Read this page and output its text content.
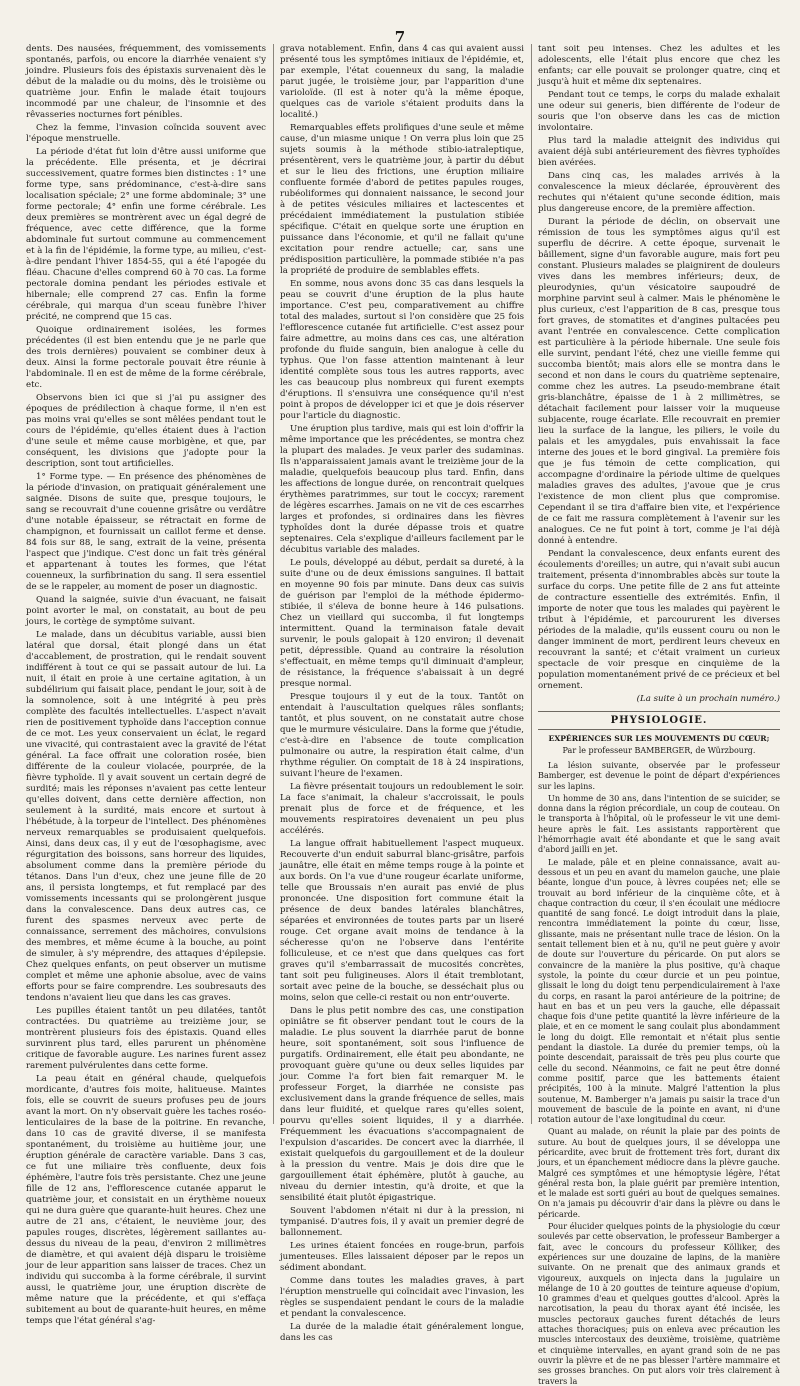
7

dents. Des nausées, fréquemment, des vomissements spontanés, parfois, ou encore la diarrhée venaient s'y joindre. Plusieurs fois des épistaxis survenaient dès le début de la maladie ou du moins, dès le troisième ou quatrième jour. Enfin le malade était toujours incommodé par une chaleur, de l'insomnie et des rêvasseries nocturnes fort pénibles.

Chez la femme, l'invasion coïncida souvent avec l'époque menstruelle.

La période d'état fut loin d'être aussi uniforme que la précédente. Elle présenta, et je décrirai successivement, quatre formes bien distinctes : 1° une forme type, sans prédominance, c'est-à-dire sans localisation spéciale; 2° une forme abdominale; 3° une forme pectorale; 4° enfin une forme cérébrale. Les deux premières se montrèrent avec un égal degré de fréquence, avec cette différence, que la forme abdominale fut surtout commune au commencement et à la fin de l'épidémie, la forme type, au milieu, c'est-à-dire pendant l'hiver 1854-55, qui a été l'apogée du fléau. Chacune d'elles comprend 60 à 70 cas. La forme pectorale domina pendant les périodes estivale et hibernale; elle comprend 27 cas. Enfin la forme cérébrale, qui marqua d'un sceau funèbre l'hiver précité, ne comprend que 15 cas.

Quoique ordinairement isolées, les formes précédentes (il est bien entendu que je ne parle que des trois dernières) pouvaient se combiner deux à deux. Ainsi la forme pectorale pouvait être réunie à l'abdominale. Il en est de même de la forme cérébrale, etc.

Observons bien ici que si j'ai pu assigner des époques de prédilection à chaque forme, il n'en est pas moins vrai qu'elles se sont mêlées pendant tout le cours de l'épidémie, qu'elles étaient dues à l'action d'une seule et même cause morbigène, et que, par conséquent, les divisions que j'adopte pour la description, sont tout artificielles.

1° Forme type. — En présence des phénomènes de la période d'invasion, on pratiquait généralement une saignée. Disons de suite que, presque toujours, le sang se recouvrait d'une couenne grisâtre ou verdâtre d'une notable épaisseur, se rétractait en forme de champignon, et fournissait un caillot ferme et dense. 84 fois sur 88, le sang, extrait de la veine, présenta l'aspect que j'indique. C'est donc un fait très général et appartenant à toutes les formes, que l'état couenneux, la surfibrination du sang. Il sera essentiel de se le rappeler, au moment de poser un diagnostic.

Quand la saignée, suivie d'un évacuant, ne faisait point avorter le mal, on constatait, au bout de peu jours, le cortège de symptôme suivant.

Le malade, dans un décubitus variable, aussi bien latéral que dorsal, était plongé dans un état d'accablement, de prostration, qui le rendait souvent indifférent à tout ce qui se passait autour de lui. La nuit, il était en proie à une certaine agitation, à un subdélirium qui faisait place, pendant le jour, soit à de la somnolence, soit à une intégrité à peu près complète des facultés intellectuelles. L'aspect n'avait rien de positivement typhoïde dans l'acception connue de ce mot. Les yeux conservaient un éclat, le regard une vivacité, qui contrastaient avec la gravité de l'état général. La face offrait une coloration rosée, bien différente de la couleur violacée, pourprée, de la fièvre typhoïde. Il y avait souvent un certain degré de surdité; mais les réponses n'avaient pas cette lenteur qu'elles doivent, dans cette dernière affection, non seulement à la surdité, mais encore et surtout à l'hébétude, à la torpeur de l'intellect. Des phénomènes nerveux remarquables se produisaient quelquefois. Ainsi, dans deux cas, il y eut de l'œsophagisme, avec régurgitation des boissons, sans horreur des liquides, absolument comme dans la première période du tétanos. Dans l'un d'eux, chez une jeune fille de 20 ans, il persista longtemps, et fut remplacé par des vomissements incessants qui se prolongèrent jusque dans la convalescence. Dans deux autres cas, ce furent des spasmes nerveux avec perte de connaissance, serrement des mâchoires, convulsions des membres, et même écume à la bouche, au point de simuler, à s'y méprendre, des attaques d'épilepsie. Chez quelques enfants, on peut observer un mutisme complet et même une aphonie absolue, avec de vains efforts pour se faire comprendre. Les soubresauts des tendons n'avaient lieu que dans les cas graves.

Les pupilles étaient tantôt un peu dilatées, tantôt contractées. Du quatrième au treizième jour, se montrèrent plusieurs fois des épistaxis. Quand elles survinrent plus tard, elles parurent un phénomène critique de favorable augure. Les narines furent assez rarement pulvérulentes dans cette forme.

La peau était en général chaude, quelquefois mordicante, d'autres fois moite, halitueuse. Maintes fois, elle se couvrit de sueurs profuses peu de jours avant la mort. On n'y observait guère les taches roséo-lenticulaires de la base de la poitrine. En revanche, dans 10 cas de gravité diverse, il se manifesta spontanément, du troisième au huitième jour, une éruption générale de caractère variable. Dans 3 cas, ce fut une miliaire très confluente, deux fois éphémère, l'autre fois très persistante. Chez une jeune fille de 12 ans, l'efflorescence cutanée apparut le quatrième jour, et consistait en un érythème noueux qui ne dura guère que quarante-huit heures. Chez une autre de 21 ans, c'étaient, le neuvième jour, des papules rouges, discrètes, légèrement saillantes au-dessus du niveau de la peau, d'environ 2 millimètres de diamètre, et qui avaient déjà disparu le troisième jour de leur apparition sans laisser de traces. Chez un individu qui succomba à la forme cérébrale, il survint aussi, le quatrième jour, une éruption discrète de même nature que la précédente, et qui s'effaça subitement au bout de quarante-huit heures, en même temps que l'état général s'ag-

grava notablement. Enfin, dans 4 cas qui avaient aussi présenté tous les symptômes initiaux de l'épidémie, et, par exemple, l'état couenneux du sang, la maladie parut jugée, le troisième jour, par l'apparition d'une varioloïde. (Il est à noter qu'à la même époque, quelques cas de variole s'étaient produits dans la localité.)

Remarquables effets prolifiques d'une seule et même cause, d'un miasme unique ! On verra plus loin que 25 sujets soumis à la méthode stibio-iatraleptique, présentèrent, vers le quatrième jour, à partir du début et sur le lieu des frictions, une éruption miliaire confluente formée d'abord de petites papules rouges, rubéoliformes qui donnaient naissance, le second jour à de petites vésicules miliaires et lactescentes et précédaient immédiatement la pustulation stibiée spécifique. C'était en quelque sorte une éruption en puissance dans l'économie, et qu'il ne fallait qu'une excitation pour rendre actuelle; car, sans une prédisposition particulière, la pommade stibiée n'a pas la propriété de produire de semblables effets.

En somme, nous avons donc 35 cas dans lesquels la peau se couvrit d'une éruption de la plus haute importance. C'est peu, comparativement au chiffre total des malades, surtout si l'on considère que 25 fois l'efflorescence cutanée fut artificielle. C'est assez pour faire admettre, au moins dans ces cas, une altération profonde du fluide sanguin, bien analogue à celle du typhus. Que l'on fasse attention maintenant à leur identité complète sous tous les autres rapports, avec les cas beaucoup plus nombreux qui furent exempts d'éruptions. Il s'ensuivra une conséquence qu'il n'est point à propos de développer ici et que je dois réserver pour l'article du diagnostic.

Une éruption plus tardive, mais qui est loin d'offrir la même importance que les précédentes, se montra chez la plupart des malades. Je veux parler des sudaminas. Ils n'apparaissaient jamais avant le treizième jour de la maladie, quelquefois beaucoup plus tard. Enfin, dans les affections de longue durée, on rencontrait quelques érythèmes paratrimmes, sur tout le coccyx; rarement de légères escarrhes. Jamais on ne vit de ces escarrhes larges et profondes, si ordinaires dans les fièvres typhoïdes dont la durée dépasse trois et quatre septenaires. Cela s'explique d'ailleurs facilement par le décubitus variable des malades.

Le pouls, développé au début, perdait sa dureté, à la suite d'une ou de deux émissions sanguines. Il battait en moyenne 90 fois par minute. Dans deux cas suivis de guérison par l'emploi de la méthode épidermo-stibiée, il s'éleva de bonne heure à 146 pulsations. Chez un vieillard qui succomba, il fut longtemps intermittent. Quand la terminaison fatale devait survenir, le pouls galopait à 120 environ; il devenait petit, dépressible. Quand au contraire la résolution s'effectuait, en même temps qu'il diminuait d'ampleur, de résistance, la fréquence s'abaissait à un degré presque normal.

Presque toujours il y eut de la toux. Tantôt on entendait à l'auscultation quelques râles sonflants; tantôt, et plus souvent, on ne constatait autre chose que le murmure vésiculaire. Dans la forme que j'étudie, c'est-à-dire en l'absence de toute complication pulmonaire ou autre, la respiration était calme, d'un rhythme régulier. On comptait de 18 à 24 inspirations, suivant l'heure de l'examen.

La fièvre présentait toujours un redoublement le soir. La face s'animait, la chaleur s'accroissait, le pouls prenait plus de force et de fréquence, et les mouvements respiratoires devenaient un peu plus accélérés.

La langue offrait habituellement l'aspect muqueux. Recouverte d'un enduit saburral blanc-grisâtre, parfois jaunâtre, elle était en même temps rouge à la pointe et aux bords. On l'a vue d'une rougeur écarlate uniforme, telle que Broussais n'en aurait pas envié de plus prononcée. Une disposition fort commune était la présence de deux bandes latérales blanchâtres, séparées et environnées de toutes parts par un liseré rouge. Cet organe avait moins de tendance à la sécheresse qu'on ne l'observe dans l'entérite folliculeuse, et ce n'est que dans quelques cas fort graves qu'il s'embarrassait de mucosités concrètes, tant soit peu fuligineuses. Alors il était tremblotant, sortait avec peine de la bouche, se desséchait plus ou moins, selon que celle-ci restait ou non entr'ouverte.

Dans le plus petit nombre des cas, une constipation opiniâtre se fit observer pendant tout le cours de la maladie. Le plus souvent la diarrhée parut de bonne heure, soit spontanément, soit sous l'influence de purgatifs. Ordinairement, elle était peu abondante, ne provoquant guère qu'une ou deux selles liquides par jour. Comme l'a fort bien fait remarquer M. le professeur Forget, la diarrhée ne consiste pas exclusivement dans la grande fréquence de selles, mais dans leur fluidité, et quelque rares qu'elles soient, pourvu qu'elles soient liquides, il y a diarrhée. Fréquemment les évacuations s'accompagnaient de l'expulsion d'ascarides. De concert avec la diarrhée, il existait quelquefois du gargouillement et de la douleur à la pression du ventre. Mais je dois dire que le gargouillement était éphémère, plutôt à gauche, au niveau du dernier intestin, qu'à droite, et que la sensibilité était plutôt épigastrique.

Souvent l'abdomen n'était ni dur à la pression, ni tympanisé. D'autres fois, il y avait un premier degré de ballonnement.

Les urines étaient foncées en rouge-brun, parfois jumenteuses. Elles laissaient déposer par le repos un sédiment abondant.

Comme dans toutes les maladies graves, à part l'éruption menstruelle qui coïncidait avec l'invasion, les règles se suspendaient pendant le cours de la maladie et pendant la convalescence.

La durée de la maladie était généralement longue, dans les cas

tant soit peu intenses. Chez les adultes et les adolescents, elle l'était plus encore que chez les enfants; car elle pouvait se prolonger quatre, cinq et jusqu'à huit et même dix septenaires.

Pendant tout ce temps, le corps du malade exhalait une odeur sui generis, bien différente de l'odeur de souris que l'on observe dans les cas de miction involontaire.

Plus tard la maladie atteignit des individus qui avaient déjà subi antérieurement des fièvres typhoïdes bien avérées.

Dans cinq cas, les malades arrivés à la convalescence la mieux déclarée, éprouvèrent des rechutes qui n'étaient qu'une seconde édition, mais plus dangereuse encore, de la première affection.

Durant la période de déclin, on observait une rémission de tous les symptômes aigus qu'il est superflu de décrire. A cette époque, survenait le bâillement, signe d'un favorable augure, mais fort peu constant. Plusieurs malades se plaignirent de douleurs vives dans les membres inférieurs; deux, de pleurodynies, qu'un vésicatoire saupoudré de morphine parvint seul à calmer. Mais le phénomène le plus curieux, c'est l'apparition de 8 cas, presque tous fort graves, de stomatites et d'angines pultacées peu avant l'entrée en convalescence. Cette complication est particulière à la période hibernale. Une seule fois elle survint, pendant l'été, chez une vieille femme qui succomba bientôt; mais alors elle se montra dans le second et non dans le cours du quatrième septenaire, comme chez les autres. La pseudo-membrane était gris-blanchâtre, épaisse de 1 à 2 millimètres, se détachait facilement pour laisser voir la muqueuse subjacente, rouge écarlate. Elle recouvrait en premier lieu la surface de la langue, les piliers, le voile du palais et les amygdales, puis envahissait la face interne des joues et le bord gingival. La première fois que je fus témoin de cette complication, qui accompagne d'ordinaire la période ultime de quelques maladies graves des adultes, j'avoue que je crus l'existence de mon client plus que compromise. Cependant il se tira d'affaire bien vite, et l'expérience de ce fait me rassura complètement à l'avenir sur les analogues. Ce ne fut point à tort, comme je l'ai déjà donné à entendre.

Pendant la convalescence, deux enfants eurent des écoulements d'oreilles; un autre, qui n'avait subi aucun traitement, présenta d'innombrables abcès sur toute la surface du corps. Une petite fille de 2 ans fut atteinte de contracture essentielle des extrémités. Enfin, il importe de noter que tous les malades qui payèrent le tribut à l'épidémie, et parcoururent les diverses périodes de la maladie, qu'ils eussent couru ou non le danger imminent de mort, perdirent leurs cheveux en recouvrant la santé; et c'était vraiment un curieux spectacle de voir presque en cinquième de la population momentanément privé de ce précieux et bel ornement.

(La suite à un prochain numéro.)

PHYSIOLOGIE.
EXPÉRIENCES SUR LES MOUVEMENTS DU CŒUR;
Par le professeur BAMBERGER, de Würzbourg.

La lésion suivante, observée par le professeur Bamberger, est devenue le point de départ d'expériences sur les lapins.

Un homme de 30 ans, dans l'intention de se suicider, se donna dans la région précordiale, un coup de couteau. On le transporta à l'hôpital, où le professeur le vit une demi-heure après le fait. Les assistants rapportèrent que l'hémorrhagie avait été abondante et que le sang avait d'abord jailli en jet.

Le malade, pâle et en pleine connaissance, avait au-dessous et un peu en avant du mamelon gauche, une plaie béante, longue d'un pouce, à lèvres coupées net; elle se trouvait au bord inférieur de la cinquième côte, et à chaque contraction du cœur, il s'en écoulait une médiocre quantité de sang foncé. Le doigt introduit dans la plaie, rencontra immédiatement la pointe du cœur, lisse, glissante, mais ne présentant nulle trace de lésion. On la sentait tellement bien et à nu, qu'il ne peut guère y avoir de doute sur l'ouverture du péricarde. On put alors se convaincre de la manière la plus positive, qu'à chaque systole, la pointe du cœur durcie et un peu pointue, glissait le long du doigt tenu perpendiculairement à l'axe du corps, en rasant la paroi antérieure de la poitrine; de haut en bas et un peu vers la gauche, elle dépassait chaque fois d'une petite quantité la lèvre inférieure de la plaie, et en ce moment le sang coulait plus abondamment le long du doigt. Elle remontait et n'était plus sentie pendant la diastole. La durée du premier temps, où la pointe descendait, paraissait de très peu plus courte que celle du second. Néanmoins, ce fait ne peut être donné comme positif, parce que les battements étaient précipités, 100 à la minute. Malgré l'attention la plus soutenue, M. Bamberger n'a jamais pu saisir la trace d'un mouvement de bascule de la pointe en avant, ni d'une rotation autour de l'axe longitudinal du cœur.

Quant au malade, on réunit la plaie par des points de suture. Au bout de quelques jours, il se développa une péricardite, avec bruit de frottement très fort, durant dix jours, et un épanchement médiocre dans la plèvre gauche. Malgré ces symptômes et une hémoptysie légère, l'état général resta bon, la plaie guérit par première intention, et le malade est sorti guéri au bout de quelques semaines. On n'a jamais pu découvrir d'air dans la plèvre ou dans le péricarde.

Pour élucider quelques points de la physiologie du cœur soulevés par cette observation, le professeur Bamberger a fait, avec le concours du professeur Kölliker, des expériences sur une douzaine de lapins, de la manière suivante. On ne prenait que des animaux grands et vigoureux, auxquels on injecta dans la jugulaire un mélange de 10 à 20 gouttes de teinture aqueuse d'opium, 10 grammes d'eau et quelques gouttes d'alcool. Après la narcotisation, la peau du thorax ayant été incisée, les muscles pectoraux gauches furent détachés de leurs attaches thoraciques; puis on enleva avec précaution les muscles intercostaux des deuxième, troisième, quatrième et cinquième intervalles, en ayant grand soin de ne pas ouvrir la plèvre et de ne pas blesser l'artère mammaire et ses grosses branches. On put alors voir très clairement à travers la
